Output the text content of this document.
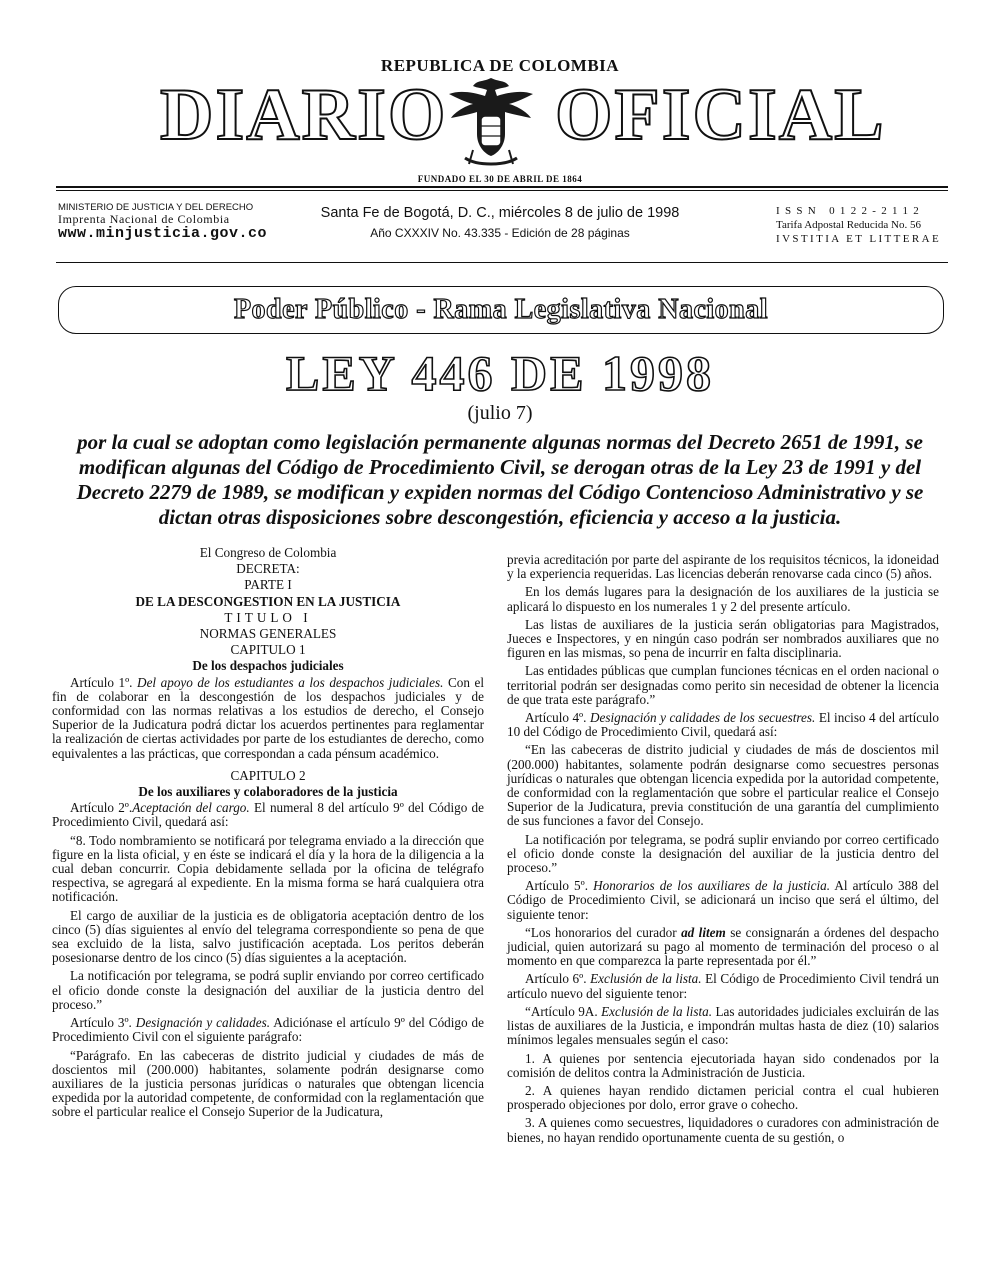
REPUBLICA DE COLOMBIA
DIARIO OFICIAL
FUNDADO EL 30 DE ABRIL DE 1864
MINISTERIO DE JUSTICIA Y DEL DERECHO
Imprenta Nacional de Colombia
www.minjusticia.gov.co
Santa Fe de Bogotá, D. C., miércoles 8 de julio de 1998
Año CXXXIV No. 43.335 - Edición de 28 páginas
ISSN 0122-2112
Tarifa Adpostal Reducida No. 56
IVSTITIA ET LITTERAE
Poder Público - Rama Legislativa Nacional
LEY 446 DE 1998
(julio 7)
por la cual se adoptan como legislación permanente algunas normas del Decreto 2651 de 1991, se modifican algunas del Código de Procedimiento Civil, se derogan otras de la Ley 23 de 1991 y del Decreto 2279 de 1989, se modifican y expiden normas del Código Contencioso Administrativo y se dictan otras disposiciones sobre descongestión, eficiencia y acceso a la justicia.

El Congreso de Colombia

DECRETA:

PARTE I

DE LA DESCONGESTION EN LA JUSTICIA

TITULO I

NORMAS GENERALES

CAPITULO 1

De los despachos judiciales

Artículo 1º. Del apoyo de los estudiantes a los despachos judiciales. Con el fin de colaborar en la descongestión de los despachos judiciales y de conformidad con las normas relativas a los estudios de derecho, el Consejo Superior de la Judicatura podrá dictar los acuerdos pertinentes para reglamentar la realización de ciertas actividades por parte de los estudiantes de derecho, como equivalentes a las prácticas, que correspondan a cada pénsum académico.

CAPITULO 2

De los auxiliares y colaboradores de la justicia

Artículo 2º.Aceptación del cargo. El numeral 8 del artículo 9º del Código de Procedimiento Civil, quedará así:

“8. Todo nombramiento se notificará por telegrama enviado a la dirección que figure en la lista oficial, y en éste se indicará el día y la hora de la diligencia a la cual deban concurrir. Copia debidamente sellada por la oficina de telégrafo respectiva, se agregará al expediente. En la misma forma se hará cualquiera otra notificación.

El cargo de auxiliar de la justicia es de obligatoria aceptación dentro de los cinco (5) días siguientes al envío del telegrama correspondiente so pena de que sea excluido de la lista, salvo justificación aceptada. Los peritos deberán posesionarse dentro de los cinco (5) días siguientes a la aceptación.

La notificación por telegrama, se podrá suplir enviando por correo certificado el oficio donde conste la designación del auxiliar de la justicia dentro del proceso.”

Artículo 3º. Designación y calidades. Adiciónase el artículo 9º del Código de Procedimiento Civil con el siguiente parágrafo:

“Parágrafo. En las cabeceras de distrito judicial y ciudades de más de doscientos mil (200.000) habitantes, solamente podrán designarse como auxiliares de la justicia personas jurídicas o naturales que obtengan licencia expedida por la autoridad competente, de conformidad con la reglamentación que sobre el particular realice el Consejo Superior de la Judicatura,

previa acreditación por parte del aspirante de los requisitos técnicos, la idoneidad y la experiencia requeridas. Las licencias deberán renovarse cada cinco (5) años.

En los demás lugares para la designación de los auxiliares de la justicia se aplicará lo dispuesto en los numerales 1 y 2 del presente artículo.

Las listas de auxiliares de la justicia serán obligatorias para Magistrados, Jueces e Inspectores, y en ningún caso podrán ser nombrados auxiliares que no figuren en las mismas, so pena de incurrir en falta disciplinaria.

Las entidades públicas que cumplan funciones técnicas en el orden nacional o territorial podrán ser designadas como perito sin necesidad de obtener la licencia de que trata este parágrafo.”

Artículo 4º. Designación y calidades de los secuestres. El inciso 4 del artículo 10 del Código de Procedimiento Civil, quedará así:

“En las cabeceras de distrito judicial y ciudades de más de doscientos mil (200.000) habitantes, solamente podrán designarse como secuestres personas jurídicas o naturales que obtengan licencia expedida por la autoridad competente, de conformidad con la reglamentación que sobre el particular realice el Consejo Superior de la Judicatura, previa constitución de una garantía del cumplimiento de sus funciones a favor del Consejo.

La notificación por telegrama, se podrá suplir enviando por correo certificado el oficio donde conste la designación del auxiliar de la justicia dentro del proceso.”

Artículo 5º. Honorarios de los auxiliares de la justicia. Al artículo 388 del Código de Procedimiento Civil, se adicionará un inciso que será el último, del siguiente tenor:

“Los honorarios del curador ad litem se consignarán a órdenes del despacho judicial, quien autorizará su pago al momento de terminación del proceso o al momento en que comparezca la parte representada por él.”

Artículo 6º. Exclusión de la lista. El Código de Procedimiento Civil tendrá un artículo nuevo del siguiente tenor:

“Artículo 9A. Exclusión de la lista. Las autoridades judiciales excluirán de las listas de auxiliares de la Justicia, e impondrán multas hasta de diez (10) salarios mínimos legales mensuales según el caso:

1. A quienes por sentencia ejecutoriada hayan sido condenados por la comisión de delitos contra la Administración de Justicia.

2. A quienes hayan rendido dictamen pericial contra el cual hubieren prosperado objeciones por dolo, error grave o cohecho.

3. A quienes como secuestres, liquidadores o curadores con administración de bienes, no hayan rendido oportunamente cuenta de su gestión, o
